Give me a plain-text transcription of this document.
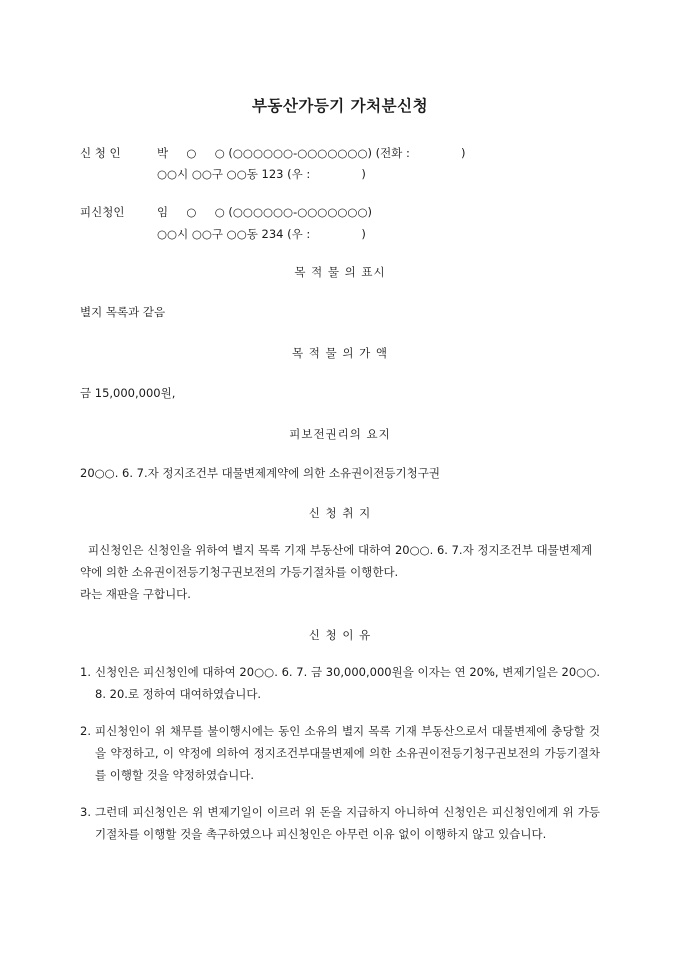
부동산가등기 가처분신청
신 청 인	박     ○     ○ (○○○○○○-○○○○○○○) (전화 :              )
○○시 ○○구 ○○동 123 (우 :              )
피신청인	임     ○     ○ (○○○○○○-○○○○○○○)
○○시 ○○구 ○○동 234 (우 :              )
목 적 물 의 표시
별지 목록과 같음
목 적 물 의 가 액
금 15,000,000원,
피보전권리의 요지
20○○. 6. 7.자 정지조건부 대물변제계약에 의한 소유권이전등기청구권
신 청 취 지

피신청인은 신청인을 위하여 별지 목록 기재 부동산에 대하여 20○○. 6. 7.자 정지조건부 대물변제계약에 의한 소유권이전등기청구권보전의 가등기절차를 이행한다.

라는 재판을 구합니다.

신 청 이 유
1. 신청인은 피신청인에 대하여 20○○. 6. 7. 금 30,000,000원을 이자는 연 20%, 변제기일은 20○○. 8. 20.로 정하여 대여하였습니다.
2. 피신청인이 위 채무를 불이행시에는 동인 소유의 별지 목록 기재 부동산으로서 대물변제에 충당할 것을 약정하고, 이 약정에 의하여 정지조건부대물변제에 의한 소유권이전등기청구권보전의 가등기절차를 이행할 것을 약정하였습니다.
3. 그런데 피신청인은 위 변제기일이 이르러 위 돈을 지급하지 아니하여 신청인은 피신청인에게 위 가등기절차를 이행할 것을 촉구하였으나 피신청인은 아무런 이유 없이 이행하지 않고 있습니다.
